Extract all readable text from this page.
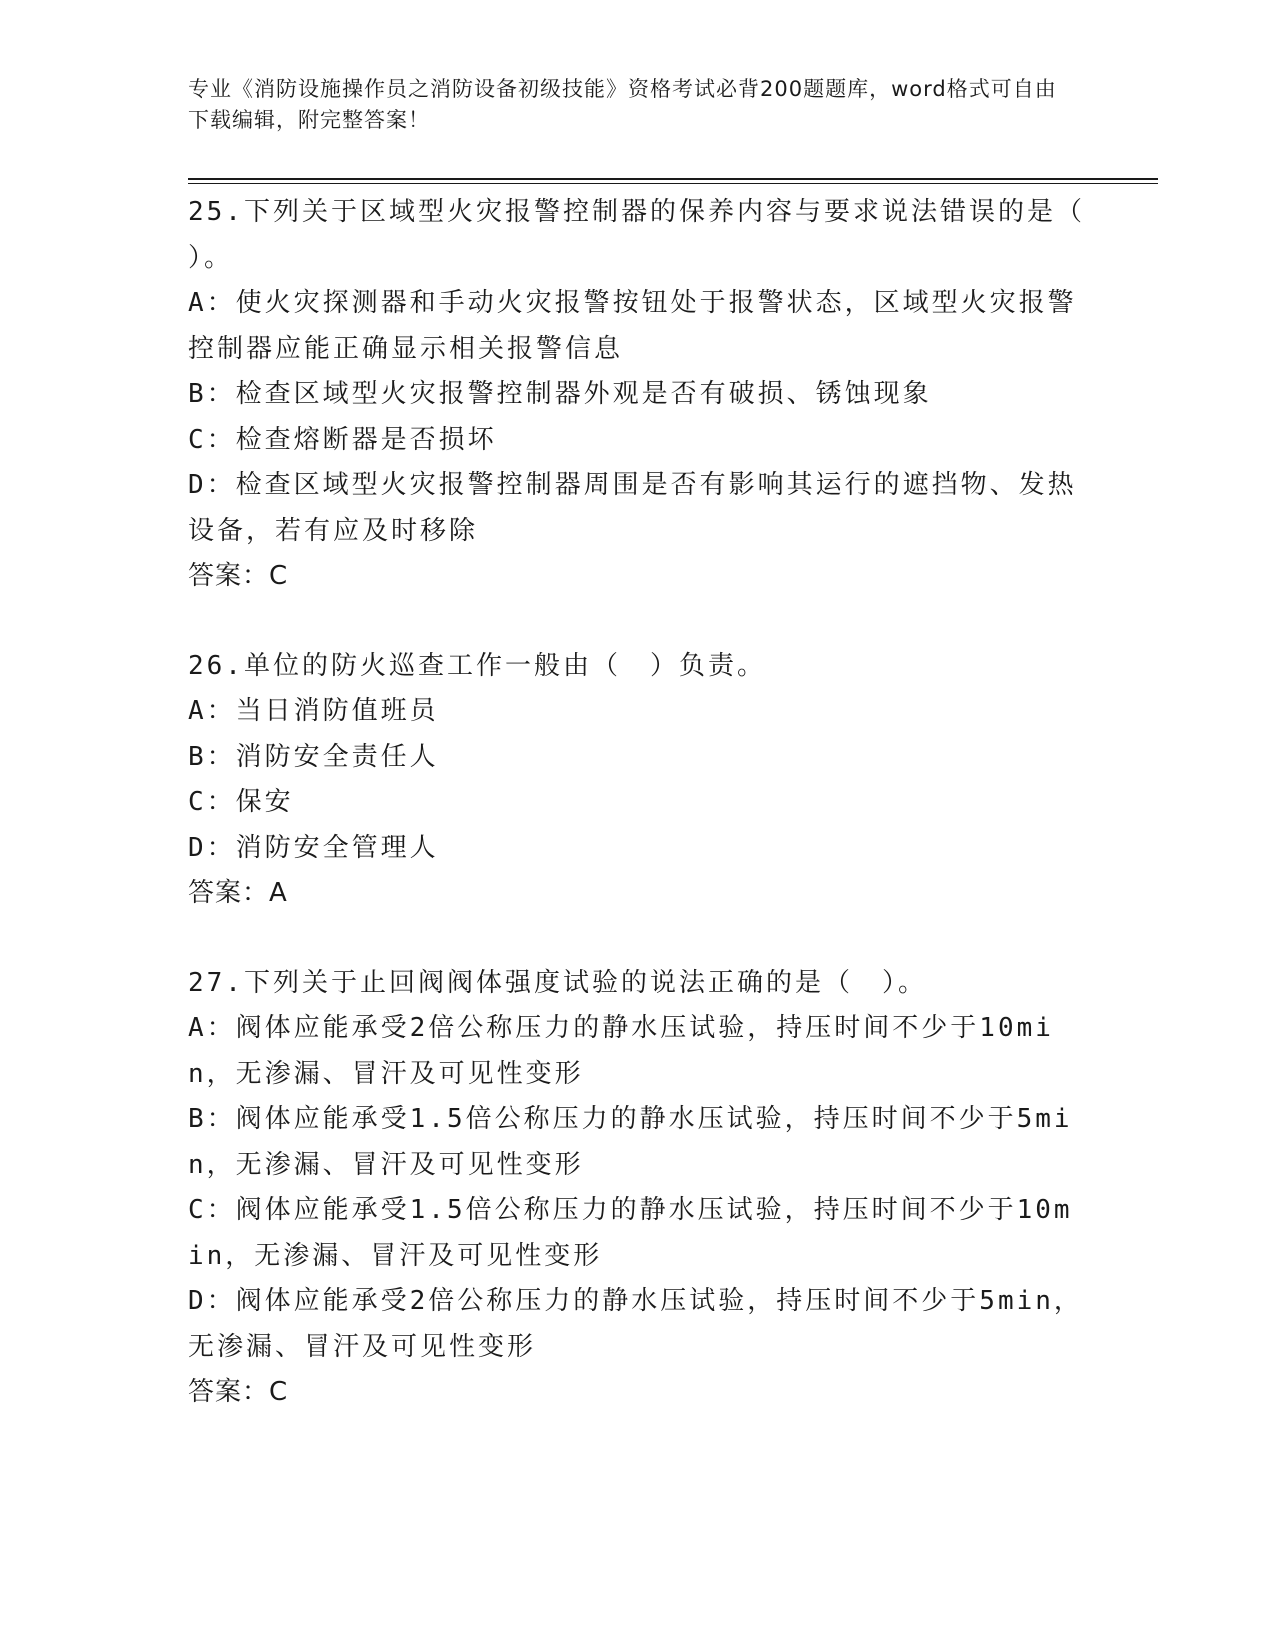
专业《消防设施操作员之消防设备初级技能》资格考试必背200题题库，word格式可自由下载编辑，附完整答案！
25.下列关于区域型火灾报警控制器的保养内容与要求说法错误的是（ ）。
A：使火灾探测器和手动火灾报警按钮处于报警状态，区域型火灾报警控制器应能正确显示相关报警信息
B：检查区域型火灾报警控制器外观是否有破损、锈蚀现象
C：检查熔断器是否损坏
D：检查区域型火灾报警控制器周围是否有影响其运行的遮挡物、发热设备，若有应及时移除
答案：C
26.单位的防火巡查工作一般由（　）负责。
A：当日消防值班员
B：消防安全责任人
C：保安
D：消防安全管理人
答案：A
27.下列关于止回阀阀体强度试验的说法正确的是（　）。
A：阀体应能承受2倍公称压力的静水压试验，持压时间不少于10min，无渗漏、冒汗及可见性变形
B：阀体应能承受1.5倍公称压力的静水压试验，持压时间不少于5min，无渗漏、冒汗及可见性变形
C：阀体应能承受1.5倍公称压力的静水压试验，持压时间不少于10min，无渗漏、冒汗及可见性变形
D：阀体应能承受2倍公称压力的静水压试验，持压时间不少于5min，无渗漏、冒汗及可见性变形
答案：C
